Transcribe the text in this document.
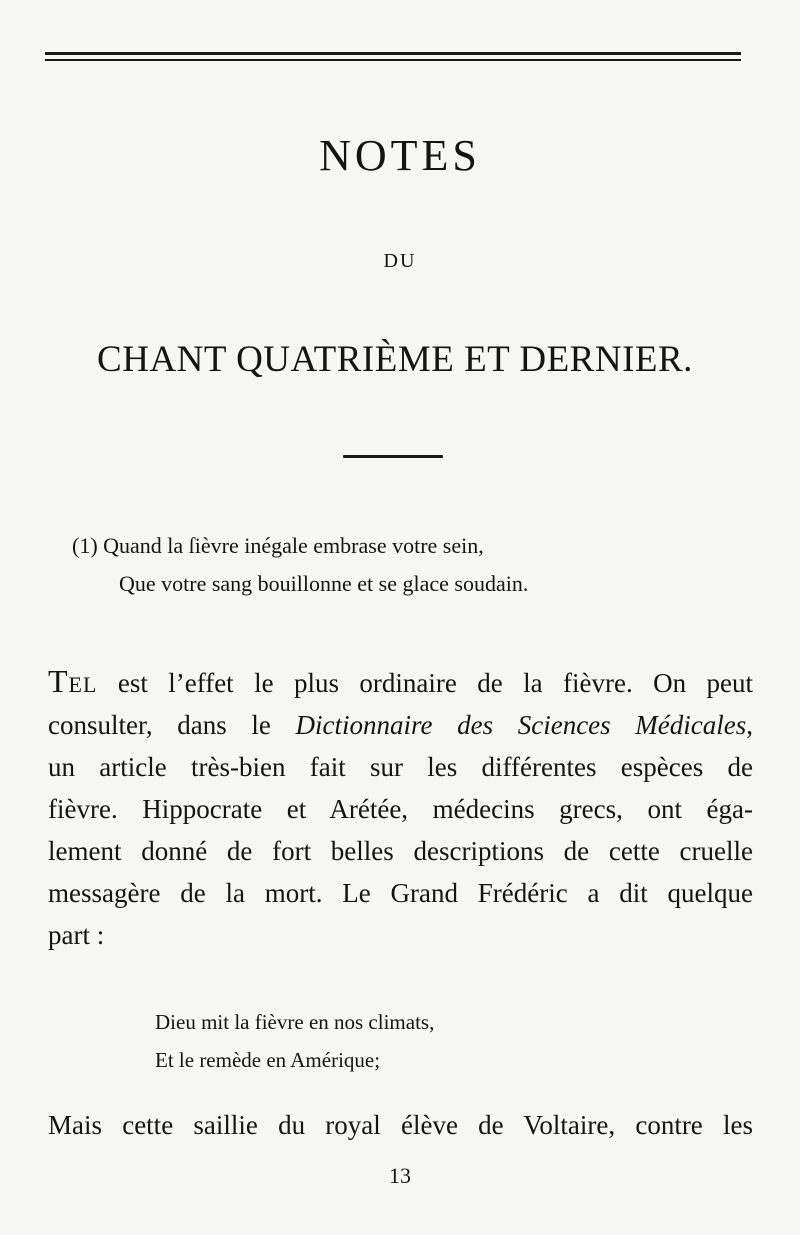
NOTES
DU
CHANT QUATRIÈME ET DERNIER.
(1) Quand la ſièvre inégale embrase votre sein,
Que votre sang bouillonne et se glace soudain.
Tel est l’effet le plus ordinaire de la fièvre. On peut
consulter, dans le Dictionnaire des Sciences Médicales,
un article très-bien fait sur les différentes espèces de
fièvre. Hippocrate et Arétée, médecins grecs, ont éga-
lement donné de fort belles descriptions de cette cruelle
messagère de la mort. Le Grand Frédéric a dit quelque
part :
Dieu mit la fièvre en nos climats,
Et le remède en Amérique;
Mais cette saillie du royal élève de Voltaire, contre les
13
